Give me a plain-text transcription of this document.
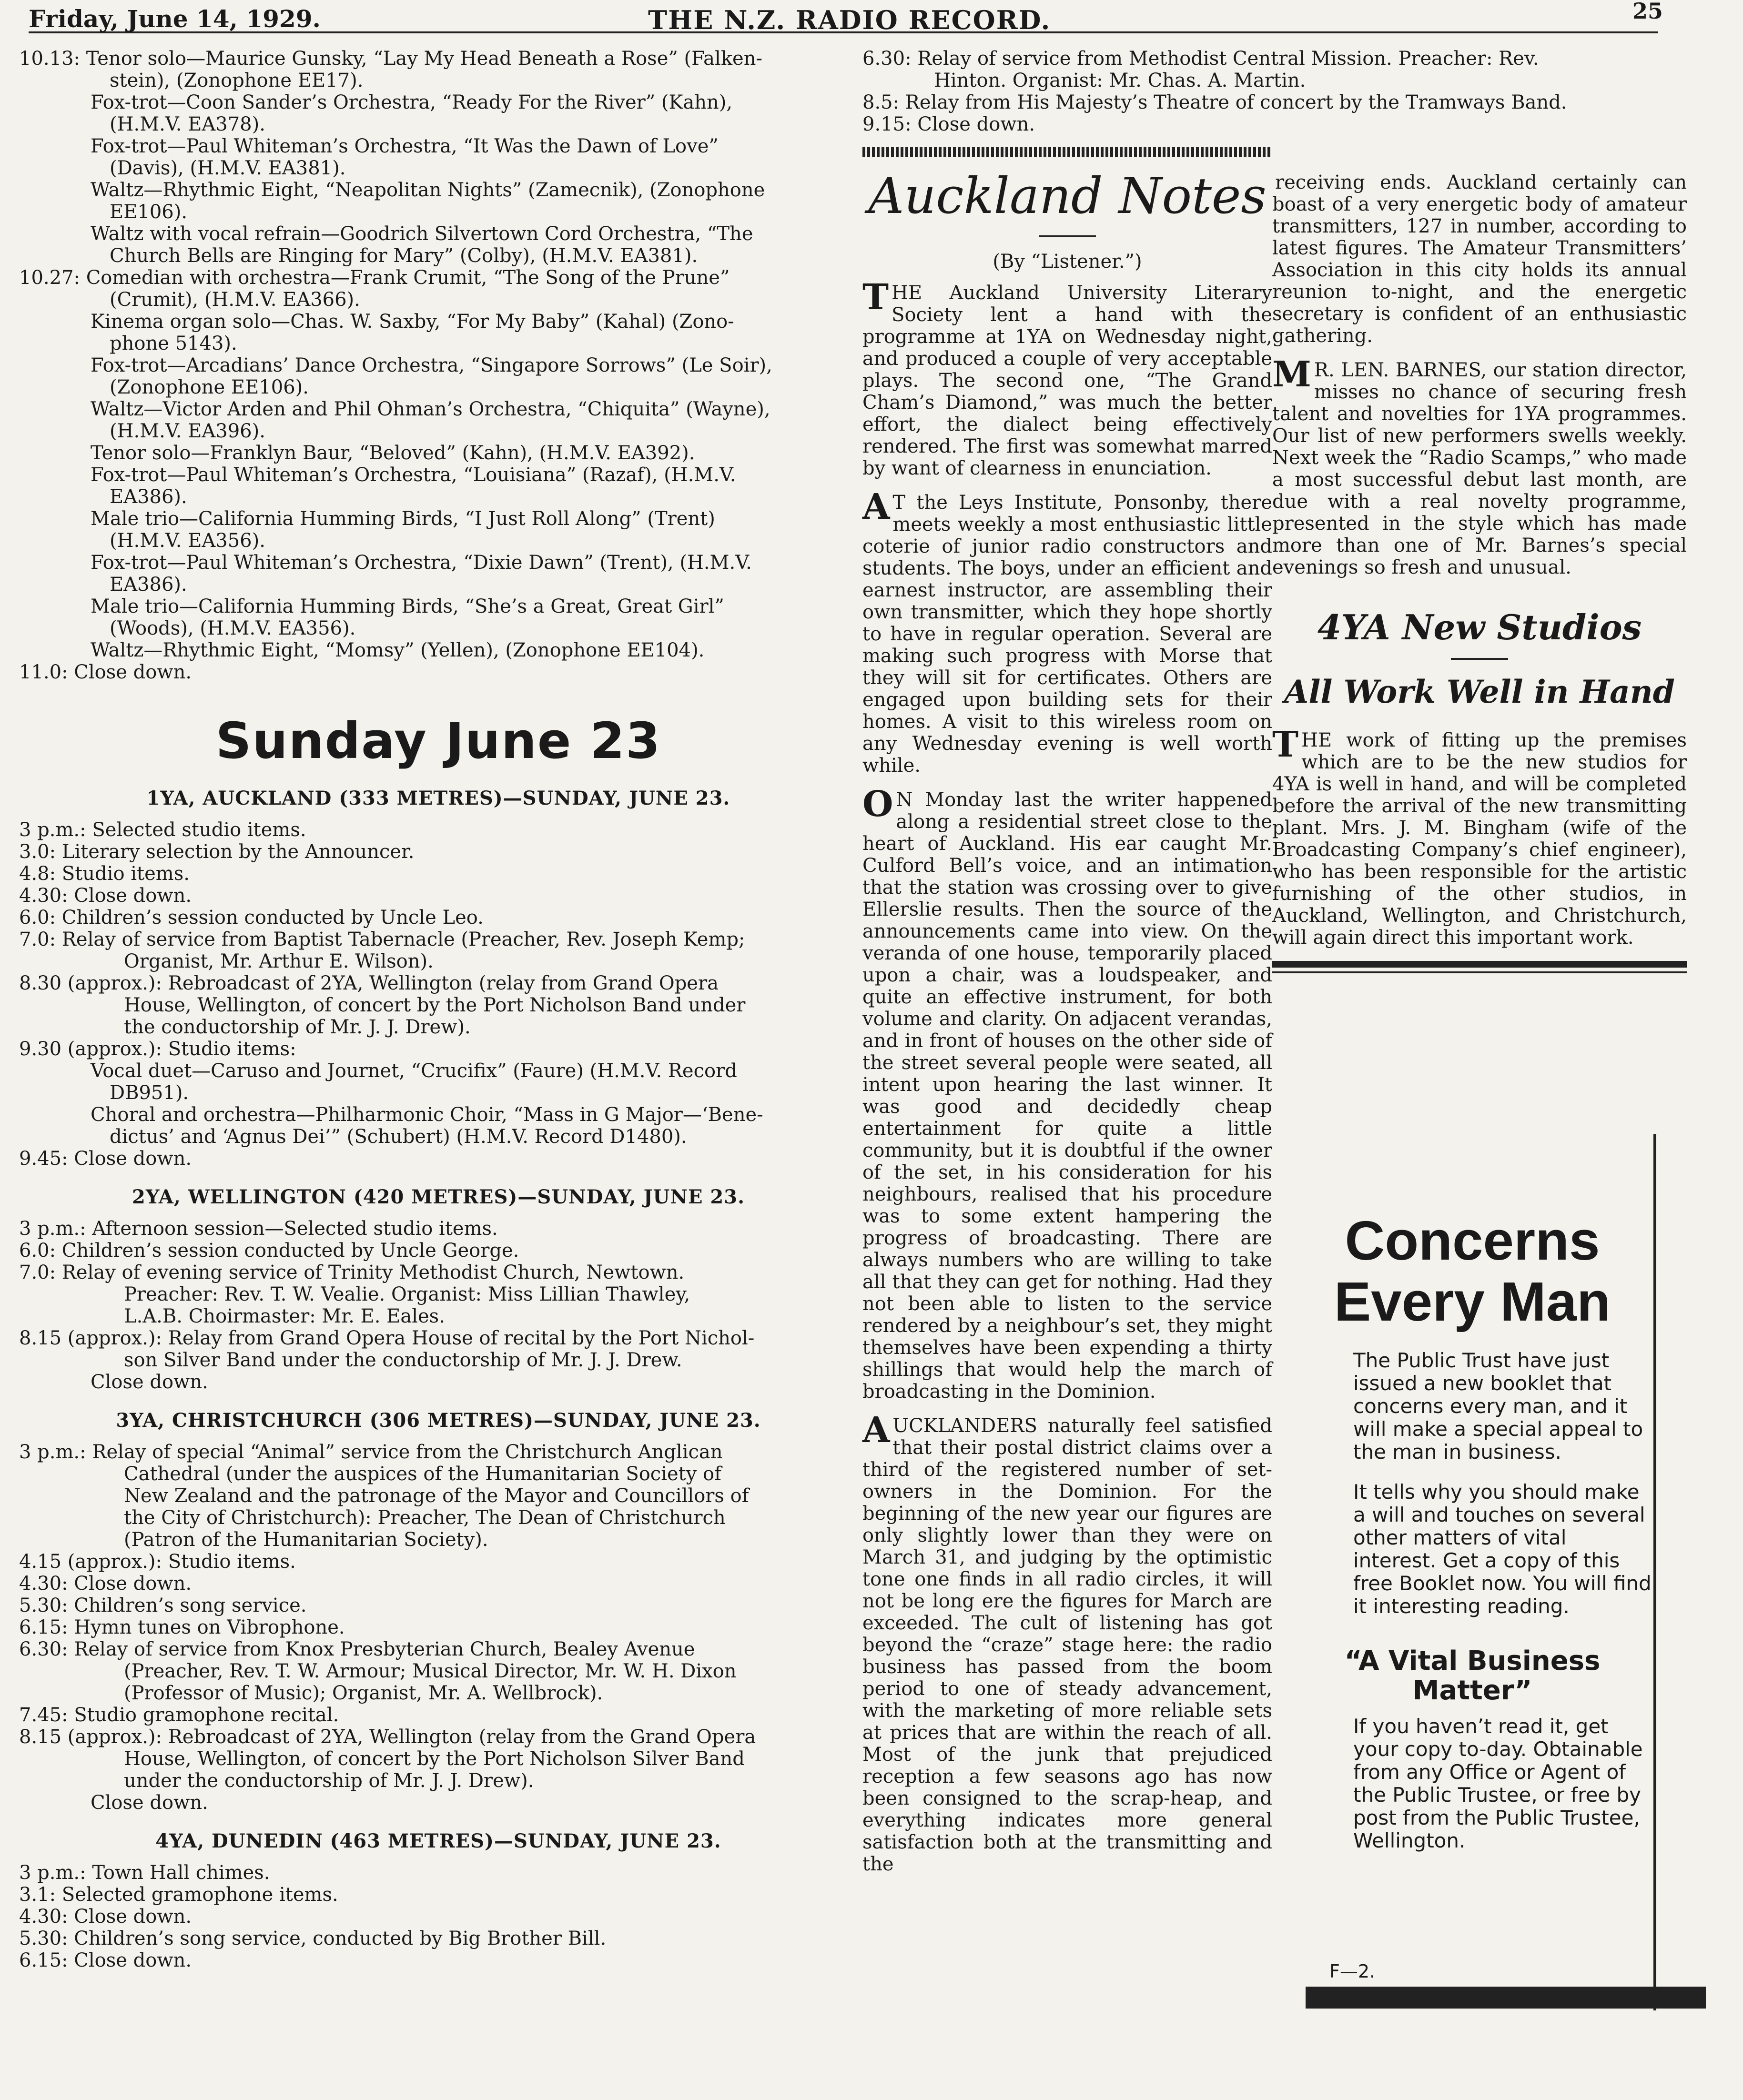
Friday, June 14, 1929.	THE N.Z. RADIO RECORD.	25
10.13: Tenor solo—Maurice Gunsky, “Lay My Head Beneath a Rose” (Falken-
stein), (Zonophone EE17).
Fox-trot—Coon Sander’s Orchestra, “Ready For the River” (Kahn),
(H.M.V. EA378).
Fox-trot—Paul Whiteman’s Orchestra, “It Was the Dawn of Love”
(Davis), (H.M.V. EA381).
Waltz—Rhythmic Eight, “Neapolitan Nights” (Zamecnik), (Zonophone
EE106).
Waltz with vocal refrain—Goodrich Silvertown Cord Orchestra, “The
Church Bells are Ringing for Mary” (Colby), (H.M.V. EA381).
10.27: Comedian with orchestra—Frank Crumit, “The Song of the Prune”
(Crumit), (H.M.V. EA366).
Kinema organ solo—Chas. W. Saxby, “For My Baby” (Kahal) (Zono-
phone 5143).
Fox-trot—Arcadians’ Dance Orchestra, “Singapore Sorrows” (Le Soir),
(Zonophone EE106).
Waltz—Victor Arden and Phil Ohman’s Orchestra, “Chiquita” (Wayne),
(H.M.V. EA396).
Tenor solo—Franklyn Baur, “Beloved” (Kahn), (H.M.V. EA392).
Fox-trot—Paul Whiteman’s Orchestra, “Louisiana” (Razaf), (H.M.V.
EA386).
Male trio—California Humming Birds, “I Just Roll Along” (Trent)
(H.M.V. EA356).
Fox-trot—Paul Whiteman’s Orchestra, “Dixie Dawn” (Trent), (H.M.V.
EA386).
Male trio—California Humming Birds, “She’s a Great, Great Girl”
(Woods), (H.M.V. EA356).
Waltz—Rhythmic Eight, “Momsy” (Yellen), (Zonophone EE104).
11.0: Close down.
Sunday June 23
1YA, AUCKLAND (333 METRES)—SUNDAY, JUNE 23.
3 p.m.: Selected studio items.
3.0: Literary selection by the Announcer.
4.8: Studio items.
4.30: Close down.
6.0: Children’s session conducted by Uncle Leo.
7.0: Relay of service from Baptist Tabernacle (Preacher, Rev. Joseph Kemp;
Organist, Mr. Arthur E. Wilson).
8.30 (approx.): Rebroadcast of 2YA, Wellington (relay from Grand Opera
House, Wellington, of concert by the Port Nicholson Band under
the conductorship of Mr. J. J. Drew).
9.30 (approx.): Studio items:
Vocal duet—Caruso and Journet, “Crucifix” (Faure) (H.M.V. Record
DB951).
Choral and orchestra—Philharmonic Choir, “Mass in G Major—‘Bene-
dictus’ and ‘Agnus Dei’” (Schubert) (H.M.V. Record D1480).
9.45: Close down.
2YA, WELLINGTON (420 METRES)—SUNDAY, JUNE 23.
3 p.m.: Afternoon session—Selected studio items.
6.0: Children’s session conducted by Uncle George.
7.0: Relay of evening service of Trinity Methodist Church, Newtown.
Preacher: Rev. T. W. Vealie. Organist: Miss Lillian Thawley,
L.A.B. Choirmaster: Mr. E. Eales.
8.15 (approx.): Relay from Grand Opera House of recital by the Port Nichol-
son Silver Band under the conductorship of Mr. J. J. Drew.
Close down.
3YA, CHRISTCHURCH (306 METRES)—SUNDAY, JUNE 23.
3 p.m.: Relay of special “Animal” service from the Christchurch Anglican
Cathedral (under the auspices of the Humanitarian Society of
New Zealand and the patronage of the Mayor and Councillors of
the City of Christchurch): Preacher, The Dean of Christchurch
(Patron of the Humanitarian Society).
4.15 (approx.): Studio items.
4.30: Close down.
5.30: Children’s song service.
6.15: Hymn tunes on Vibrophone.
6.30: Relay of service from Knox Presbyterian Church, Bealey Avenue
(Preacher, Rev. T. W. Armour; Musical Director, Mr. W. H. Dixon
(Professor of Music); Organist, Mr. A. Wellbrock).
7.45: Studio gramophone recital.
8.15 (approx.): Rebroadcast of 2YA, Wellington (relay from the Grand Opera
House, Wellington, of concert by the Port Nicholson Silver Band
under the conductorship of Mr. J. J. Drew).
Close down.
4YA, DUNEDIN (463 METRES)—SUNDAY, JUNE 23.
3 p.m.: Town Hall chimes.
3.1: Selected gramophone items.
4.30: Close down.
5.30: Children’s song service, conducted by Big Brother Bill.
6.15: Close down.
6.30: Relay of service from Methodist Central Mission. Preacher: Rev.
Hinton. Organist: Mr. Chas. A. Martin.
8.5: Relay from His Majesty’s Theatre of concert by the Tramways Band.
9.15: Close down.
Auckland Notes
(By “Listener.”)

THE Auckland University Literary Society lent a hand with the programme at 1YA on Wednesday night, and produced a couple of very acceptable plays. The second one, “The Grand Cham’s Diamond,” was much the better effort, the dialect being effectively rendered. The first was somewhat marred by want of clearness in enunciation.

A T the Leys Institute, Ponsonby, there meets weekly a most enthusiastic little coterie of junior radio constructors and students. The boys, under an efficient and earnest instructor, are assembling their own transmitter, which they hope shortly to have in regular operation. Several are making such progress with Morse that they will sit for certificates. Others are engaged upon building sets for their homes. A visit to this wireless room on any Wednesday evening is well worth while.

O N Monday last the writer happened along a residential street close to the heart of Auckland. His ear caught Mr. Culford Bell’s voice, and an intimation that the station was crossing over to give Ellerslie results. Then the source of the announcements came into view. On the veranda of one house, temporarily placed upon a chair, was a loudspeaker, and quite an effective instrument, for both volume and clarity. On adjacent verandas, and in front of houses on the other side of the street several people were seated, all intent upon hearing the last winner. It was good and decidedly cheap entertainment for quite a little community, but it is doubtful if the owner of the set, in his consideration for his neighbours, realised that his procedure was to some extent hampering the progress of broadcasting. There are always numbers who are willing to take all that they can get for nothing. Had they not been able to listen to the service rendered by a neighbour’s set, they might themselves have been expending a thirty shillings that would help the march of broadcasting in the Dominion.

AUCKLANDERS naturally feel satisfied that their postal district claims over a third of the registered number of set-owners in the Dominion. For the beginning of the new year our figures are only slightly lower than they were on March 31, and judging by the optimistic tone one finds in all radio circles, it will not be long ere the figures for March are exceeded. The cult of listening has got beyond the “craze” stage here: the radio business has passed from the boom period to one of steady advancement, with the marketing of more reliable sets at prices that are within the reach of all. Most of the junk that prejudiced reception a few seasons ago has now been consigned to the scrap-heap, and everything indicates more general satisfaction both at the transmitting and the

receiving ends. Auckland certainly can boast of a very energetic body of amateur transmitters, 127 in number, according to latest figures. The Amateur Transmitters’ Association in this city holds its annual reunion to-night, and the energetic secretary is confident of an enthusiastic gathering.

M R. LEN. BARNES, our station director, misses no chance of securing fresh talent and novelties for 1YA programmes. Our list of new performers swells weekly. Next week the “Radio Scamps,” who made a most successful debut last month, are due with a real novelty programme, presented in the style which has made more than one of Mr. Barnes’s special evenings so fresh and unusual.

4YA New Studios
All Work Well in Hand

THE work of fitting up the premises which are to be the new studios for 4YA is well in hand, and will be completed before the arrival of the new transmitting plant. Mrs. J. M. Bingham (wife of the Broadcasting Company’s chief engineer), who has been responsible for the artistic furnishing of the other studios, in Auckland, Wellington, and Christchurch, will again direct this important work.

Concerns
Every Man
The Public Trust have just issued a new booklet that concerns every man, and it will make a special appeal to the man in business.
It tells why you should make a will and touches on several other matters of vital interest. Get a copy of this free Booklet now. You will find it interesting reading.
“A Vital Business Matter”
If you haven’t read it, get your copy to-day. Obtainable from any Office or Agent of the Public Trustee, or free by post from the Public Trustee, Wellington.
F—2.
